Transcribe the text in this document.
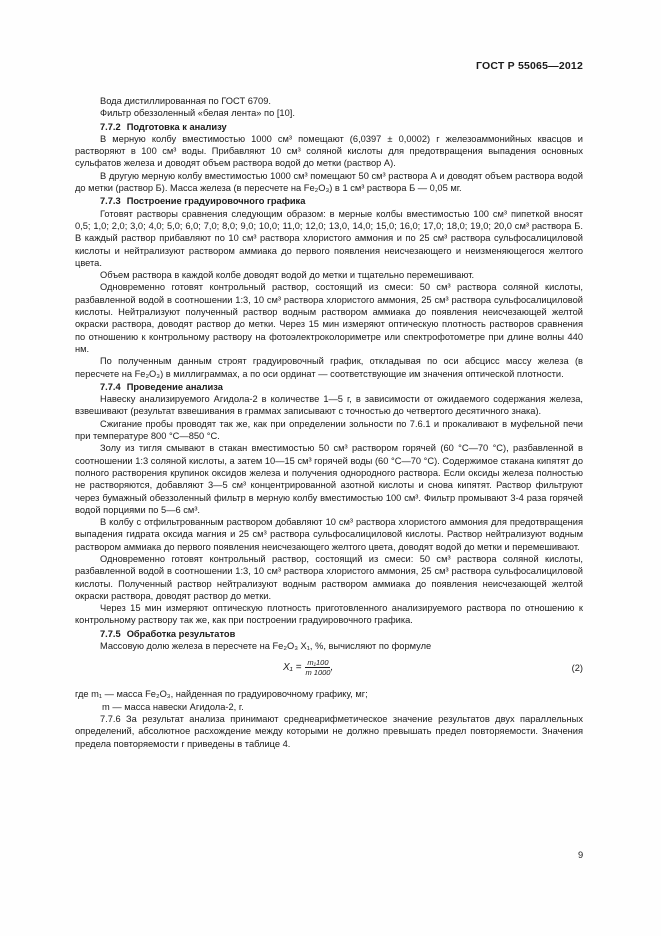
ГОСТ Р 55065—2012

Вода дистиллированная по ГОСТ 6709.

Фильтр обеззоленный «белая лента» по [10].

7.7.2 Подготовка к анализу

В мерную колбу вместимостью 1000 см³ помещают (6,0397 ± 0,0002) г железоаммонийных квасцов и растворяют в 100 см³ воды. Прибавляют 10 см³ соляной кислоты для предотвращения выпадения основных сульфатов железа и доводят объем раствора водой до метки (раствор А).

В другую мерную колбу вместимостью 1000 см³ помещают 50 см³ раствора А и доводят объем раствора водой до метки (раствор Б). Масса железа (в пересчете на Fe₂O₃) в 1 см³ раствора Б — 0,05 мг.

7.7.3 Построение градуировочного графика

Готовят растворы сравнения следующим образом: в мерные колбы вместимостью 100 см³ пипеткой вносят 0,5; 1,0; 2,0; 3,0; 4,0; 5,0; 6,0; 7,0; 8,0; 9,0; 10,0; 11,0; 12,0; 13,0, 14,0; 15,0; 16,0; 17,0; 18,0; 19,0; 20,0 см³ раствора Б. В каждый раствор прибавляют по 10 см³ раствора хлористого аммония и по 25 см³ раствора сульфосалициловой кислоты и нейтрализуют раствором аммиака до первого появления неисчезающего и неизменяющегося желтого цвета.

Объем раствора в каждой колбе доводят водой до метки и тщательно перемешивают.

Одновременно готовят контрольный раствор, состоящий из смеси: 50 см³ раствора соляной кислоты, разбавленной водой в соотношении 1:3, 10 см³ раствора хлористого аммония, 25 см³ раствора сульфосалициловой кислоты. Нейтрализуют полученный раствор водным раствором аммиака до появления неисчезающей желтой окраски раствора, доводят раствор до метки. Через 15 мин измеряют оптическую плотность растворов сравнения по отношению к контрольному раствору на фотоэлектроколориметре или спектрофотометре при длине волны 440 нм.

По полученным данным строят градуировочный график, откладывая по оси абсцисс массу железа (в пересчете на Fe₂O₃) в миллиграммах, а по оси ординат — соответствующие им значения оптической плотности.

7.7.4 Проведение анализа

Навеску анализируемого Агидола-2 в количестве 1—5 г, в зависимости от ожидаемого содержания железа, взвешивают (результат взвешивания в граммах записывают с точностью до четвертого десятичного знака).

Сжигание пробы проводят так же, как при определении зольности по 7.6.1 и прокаливают в муфельной печи при температуре 800 °С—850 °С.

Золу из тигля смывают в стакан вместимостью 50 см³ раствором горячей (60 °С—70 °С), разбавленной в соотношении 1:3 соляной кислоты, а затем 10—15 см³ горячей воды (60 °С—70 °С). Содержимое стакана кипятят до полного растворения крупинок оксидов железа и получения однородного раствора. Если оксиды железа полностью не растворяются, добавляют 3—5 см³ концентрированной азотной кислоты и снова кипятят. Раствор фильтруют через бумажный обеззоленный фильтр в мерную колбу вместимостью 100 см³. Фильтр промывают 3-4 раза горячей водой порциями по 5—6 см³.

В колбу с отфильтрованным раствором добавляют 10 см³ раствора хлористого аммония для предотвращения выпадения гидрата оксида магния и 25 см³ раствора сульфосалициловой кислоты. Раствор нейтрализуют водным раствором аммиака до первого появления неисчезающего желтого цвета, доводят водой до метки и перемешивают.

Одновременно готовят контрольный раствор, состоящий из смеси: 50 см³ раствора соляной кислоты, разбавленной водой в соотношении 1:3, 10 см³ раствора хлористого аммония, 25 см³ раствора сульфосалициловой кислоты. Полученный раствор нейтрализуют водным раствором аммиака до появления неисчезающей желтой окраски раствора, доводят раствор до метки.

Через 15 мин измеряют оптическую плотность приготовленного анализируемого раствора по отношению к контрольному раствору так же, как при построении градуировочного графика.

7.7.5 Обработка результатов

Массовую долю железа в пересчете на Fe₂O₃ X₁, %, вычисляют по формуле

$X_1 = \frac{\text{m₁100}}{m 1000}$ ,	(2)

где m₁ — масса Fe₂O₃, найденная по градуировочному графику, мг;

m — масса навески Агидола-2, г.

7.7.6 За результат анализа принимают среднеарифметическое значение результатов двух параллельных определений, абсолютное расхождение между которыми не должно превышать предел повторяемости. Значения предела повторяемости r приведены в таблице 4.

9
